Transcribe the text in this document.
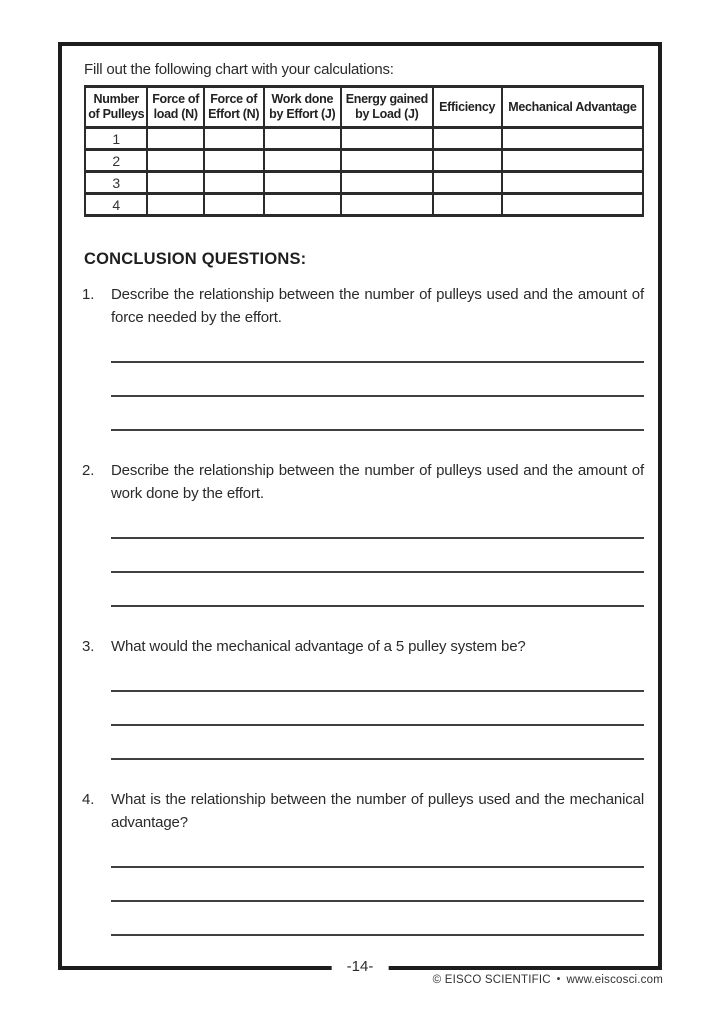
Fill out the following chart with your calculations:

Number of Pulleys	Force of load (N)	Force of Effort (N)	Work done by Effort (J)	Energy gained by Load (J)	Efficiency	Mechanical Advantage
1						
2						
3						
4						
CONCLUSION QUESTIONS:
1.	Describe the relationship between the number of pulleys used and the amount of force needed by the effort.
2.	Describe the relationship between the number of pulleys used and the amount of work done by the effort.
3.	What would the mechanical advantage of a 5 pulley system be?
4.	What is the relationship between the number of pulleys used and the mechanical advantage?
-14-
© EISCO SCIENTIFIC • www.eiscosci.com
